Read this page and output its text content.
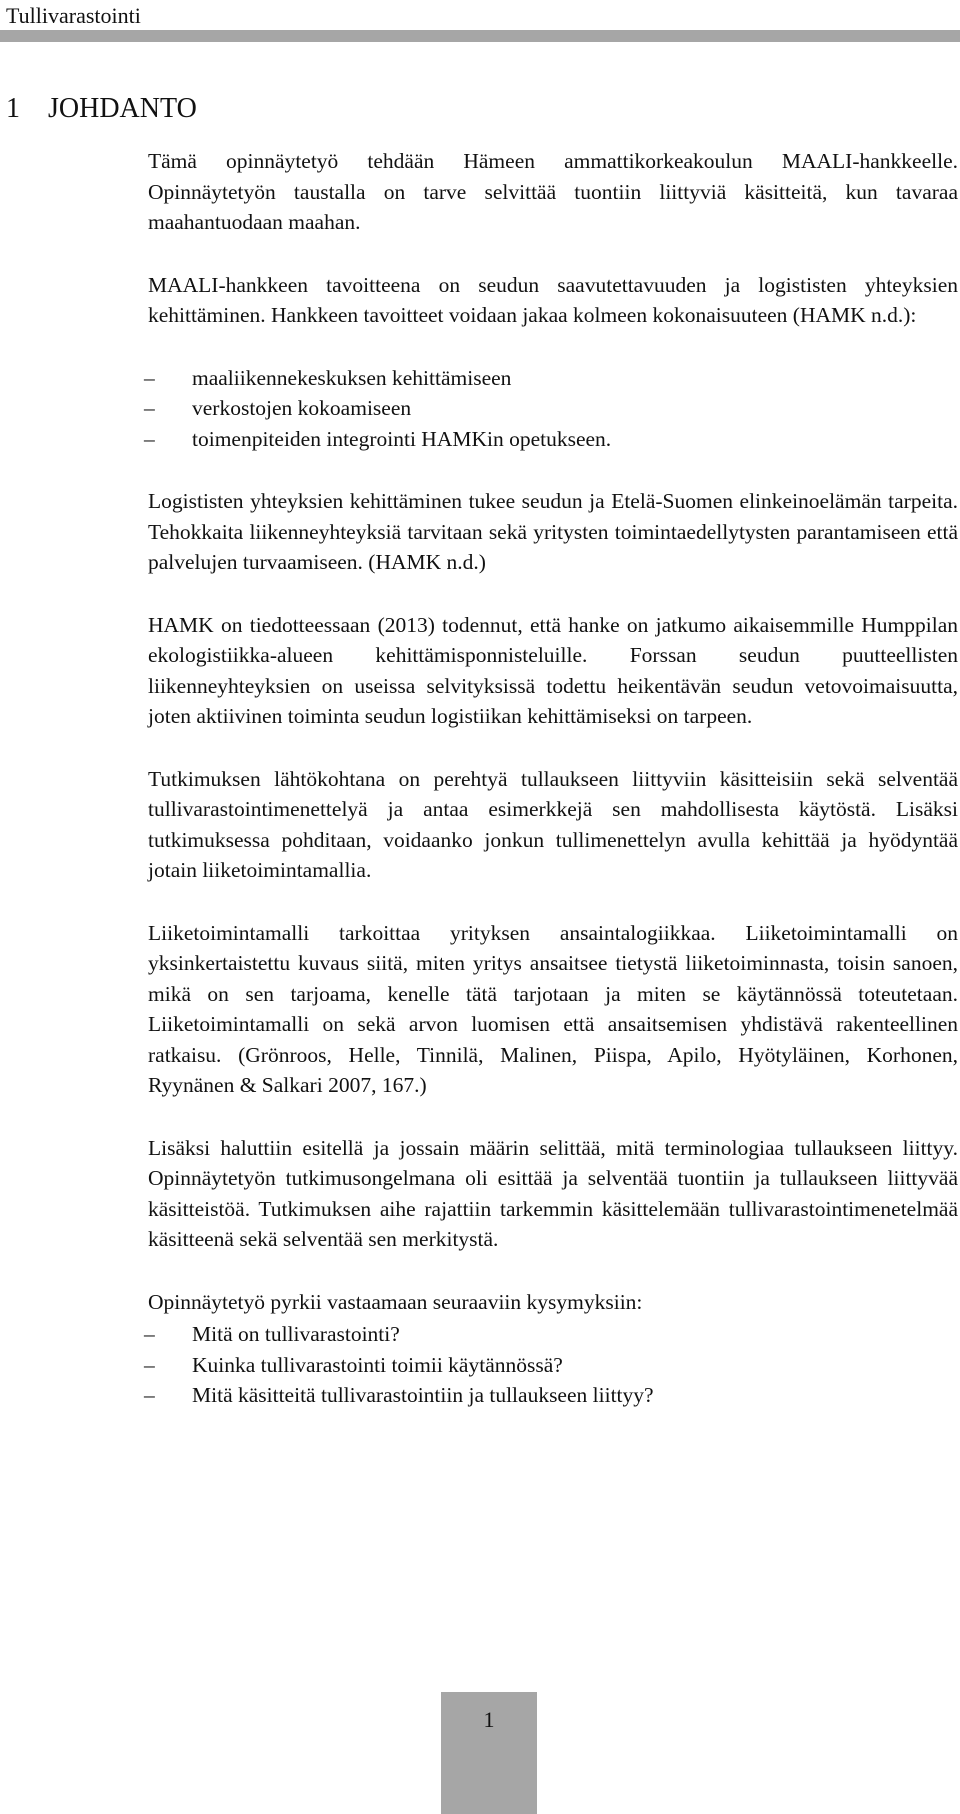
Tullivarastointi
1 JOHDANTO

Tämä opinnäytetyö tehdään Hämeen ammattikorkeakoulun MAALI-hankkeelle. Opinnäytetyön taustalla on tarve selvittää tuontiin liittyviä käsitteitä, kun tavaraa maahantuodaan maahan.

MAALI-hankkeen tavoitteena on seudun saavutettavuuden ja logististen yhteyksien kehittäminen. Hankkeen tavoitteet voidaan jakaa kolmeen kokonaisuuteen (HAMK n.d.):

– maaliikennekeskuksen kehittämiseen
– verkostojen kokoamiseen
– toimenpiteiden integrointi HAMKin opetukseen.

Logististen yhteyksien kehittäminen tukee seudun ja Etelä-Suomen elinkeinoelämän tarpeita. Tehokkaita liikenneyhteyksiä tarvitaan sekä yritysten toimintaedellytysten parantamiseen että palvelujen turvaamiseen. (HAMK n.d.)

HAMK on tiedotteessaan (2013) todennut, että hanke on jatkumo aikaisemmille Humppilan ekologistiikka-alueen kehittämisponnisteluille. Forssan seudun puutteellisten liikenneyhteyksien on useissa selvityksissä todettu heikentävän seudun vetovoimaisuutta, joten aktiivinen toiminta seudun logistiikan kehittämiseksi on tarpeen.

Tutkimuksen lähtökohtana on perehtyä tullaukseen liittyviin käsitteisiin sekä selventää tullivarastointimenettelyä ja antaa esimerkkejä sen mahdollisesta käytöstä. Lisäksi tutkimuksessa pohditaan, voidaanko jonkun tullimenettelyn avulla kehittää ja hyödyntää jotain liiketoimintamallia.

Liiketoimintamalli tarkoittaa yrityksen ansaintalogiikkaa. Liiketoimintamalli on yksinkertaistettu kuvaus siitä, miten yritys ansaitsee tietystä liiketoiminnasta, toisin sanoen, mikä on sen tarjoama, kenelle tätä tarjotaan ja miten se käytännössä toteutetaan. Liiketoimintamalli on sekä arvon luomisen että ansaitsemisen yhdistävä rakenteellinen ratkaisu. (Grönroos, Helle, Tinnilä, Malinen, Piispa, Apilo, Hyötyläinen, Korhonen, Ryynänen & Salkari 2007, 167.)

Lisäksi haluttiin esitellä ja jossain määrin selittää, mitä terminologiaa tullaukseen liittyy. Opinnäytetyön tutkimusongelmana oli esittää ja selventää tuontiin ja tullaukseen liittyvää käsitteistöä. Tutkimuksen aihe rajattiin tarkemmin käsittelemään tullivarastointimenetelmää käsitteenä sekä selventää sen merkitystä.

Opinnäytetyö pyrkii vastaamaan seuraaviin kysymyksiin:

– Mitä on tullivarastointi?
– Kuinka tullivarastointi toimii käytännössä?
– Mitä käsitteitä tullivarastointiin ja tullaukseen liittyy?
1
